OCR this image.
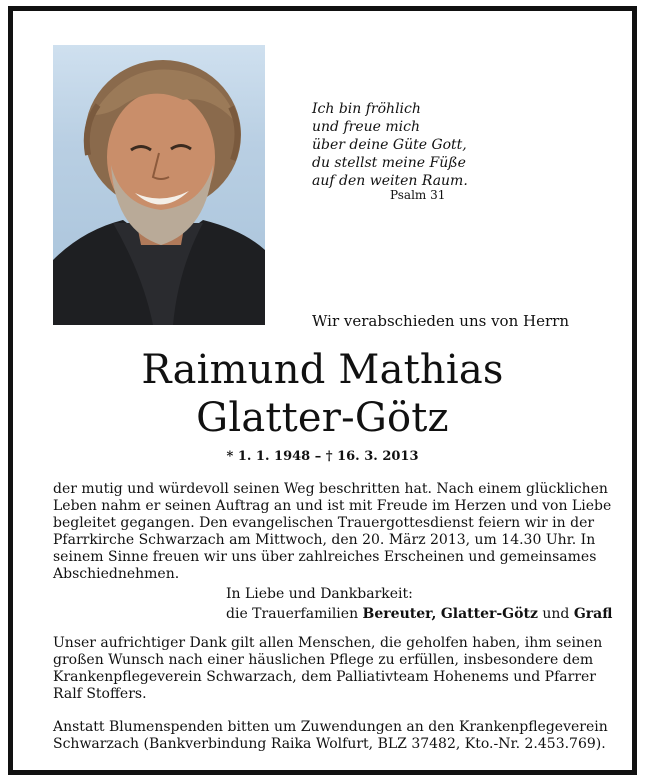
Ich bin fröhlich
und freue mich
über deine Güte Gott,
du stellst meine Füße
auf den weiten Raum.
Psalm 31
Wir verabschieden uns von Herrn
Raimund Mathias
Glatter-Götz
* 1. 1. 1948 – † 16. 3. 2013
der mutig und würdevoll seinen Weg beschritten hat. Nach einem glücklichen
Leben nahm er seinen Auftrag an und ist mit Freude im Herzen und von Liebe
begleitet gegangen. Den evangelischen Trauergottesdienst feiern wir in der
Pfarrkirche Schwarzach am Mittwoch, den 20. März 2013, um 14.30 Uhr. In
seinem Sinne freuen wir uns über zahlreiches Erscheinen und gemeinsames
Abschiednehmen.
In Liebe und Dankbarkeit:
die Trauerfamilien Bereuter, Glatter-Götz und Grafl
Unser aufrichtiger Dank gilt allen Menschen, die geholfen haben, ihm seinen
großen Wunsch nach einer häuslichen Pflege zu erfüllen, insbesondere dem
Krankenpflegeverein Schwarzach, dem Palliativteam Hohenems und Pfarrer
Ralf Stoffers.
Anstatt Blumenspenden bitten um Zuwendungen an den Krankenpflegeverein
Schwarzach (Bankverbindung Raika Wolfurt, BLZ 37482, Kto.-Nr. 2.453.769).
